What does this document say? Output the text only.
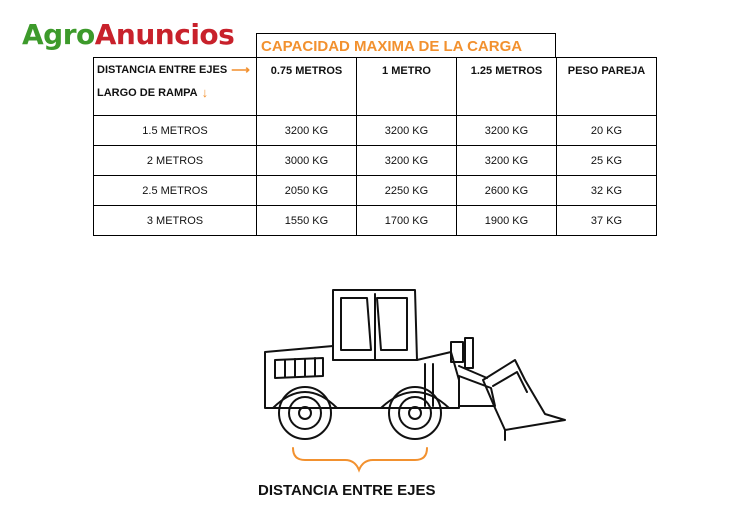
AgroAnuncios	CAPACIDAD MAXIMA DE LA CARGA
DISTANCIA ENTRE EJES ⟶
LARGO DE RAMPA ↓	0.75 METROS	1 METRO	1.25 METROS	PESO PAREJA
1.5 METROS	3200 KG	3200 KG	3200 KG	20 KG
2 METROS	3000 KG	3200 KG	3200 KG	25 KG
2.5 METROS	2050 KG	2250 KG	2600 KG	32 KG
3 METROS	1550 KG	1700 KG	1900 KG	37 KG
DISTANCIA ENTRE EJES
